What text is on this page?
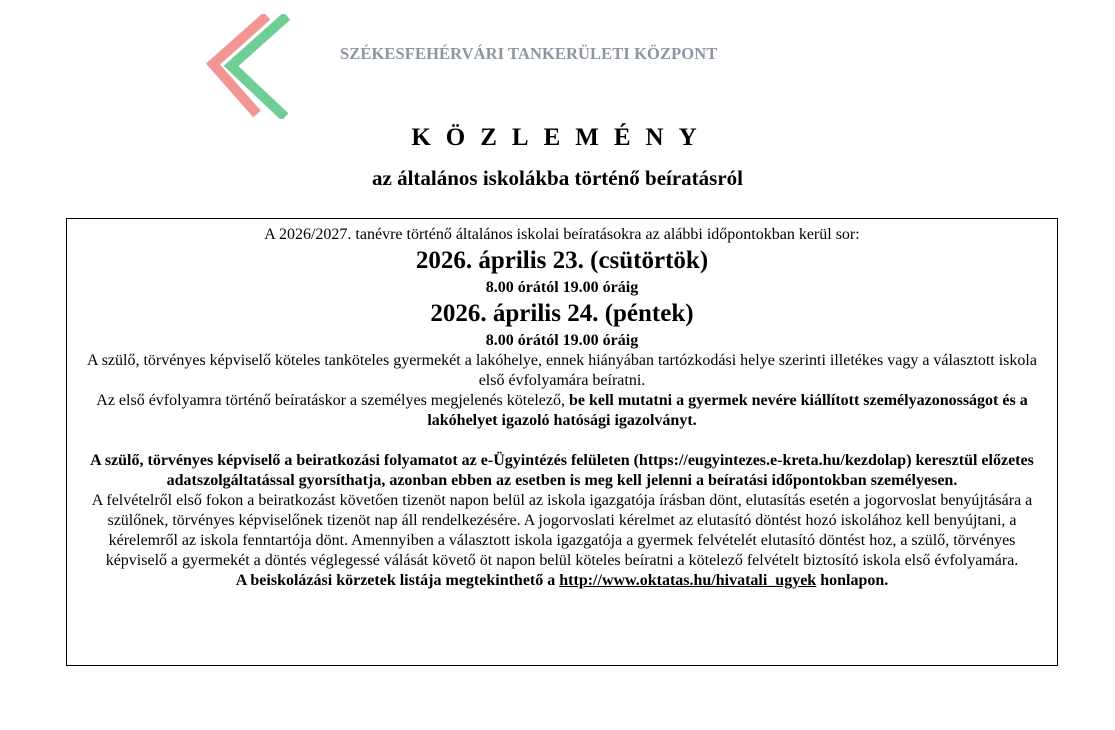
SZÉKESFEHÉRVÁRI TANKERÜLETI KÖZPONT
KÖZLEMÉNY
az általános iskolákba történő beíratásról

A 2026/2027. tanévre történő általános iskolai beíratásokra az alábbi időpontokban kerül sor:

2026. április 23. (csütörtök)

8.00 órától 19.00 óráig

2026. április 24. (péntek)

8.00 órától 19.00 óráig

A szülő, törvényes képviselő köteles tanköteles gyermekét a lakóhelye, ennek hiányában tartózkodási helye szerinti illetékes vagy a választott iskola első évfolyamára beíratni.

Az első évfolyamra történő beíratáskor a személyes megjelenés kötelező, be kell mutatni a gyermek nevére kiállított személyazonosságot és a lakóhelyet igazoló hatósági igazolványt.

A szülő, törvényes képviselő a beiratkozási folyamatot az e-Ügyintézés felületen (https://eugyintezes.e-kreta.hu/kezdolap) keresztül előzetes adatszolgáltatással gyorsíthatja, azonban ebben az esetben is meg kell jelenni a beíratási időpontokban személyesen.

A felvételről első fokon a beiratkozást követően tizenöt napon belül az iskola igazgatója írásban dönt, elutasítás esetén a jogorvoslat benyújtására a szülőnek, törvényes képviselőnek tizenöt nap áll rendelkezésére. A jogorvoslati kérelmet az elutasító döntést hozó iskolához kell benyújtani, a kérelemről az iskola fenntartója dönt. Amennyiben a választott iskola igazgatója a gyermek felvételét elutasító döntést hoz, a szülő, törvényes képviselő a gyermekét a döntés véglegessé válását követő öt napon belül köteles beíratni a kötelező felvételt biztosító iskola első évfolyamára.

A beiskolázási körzetek listája megtekinthető a http://www.oktatas.hu/hivatali_ugyek honlapon.
